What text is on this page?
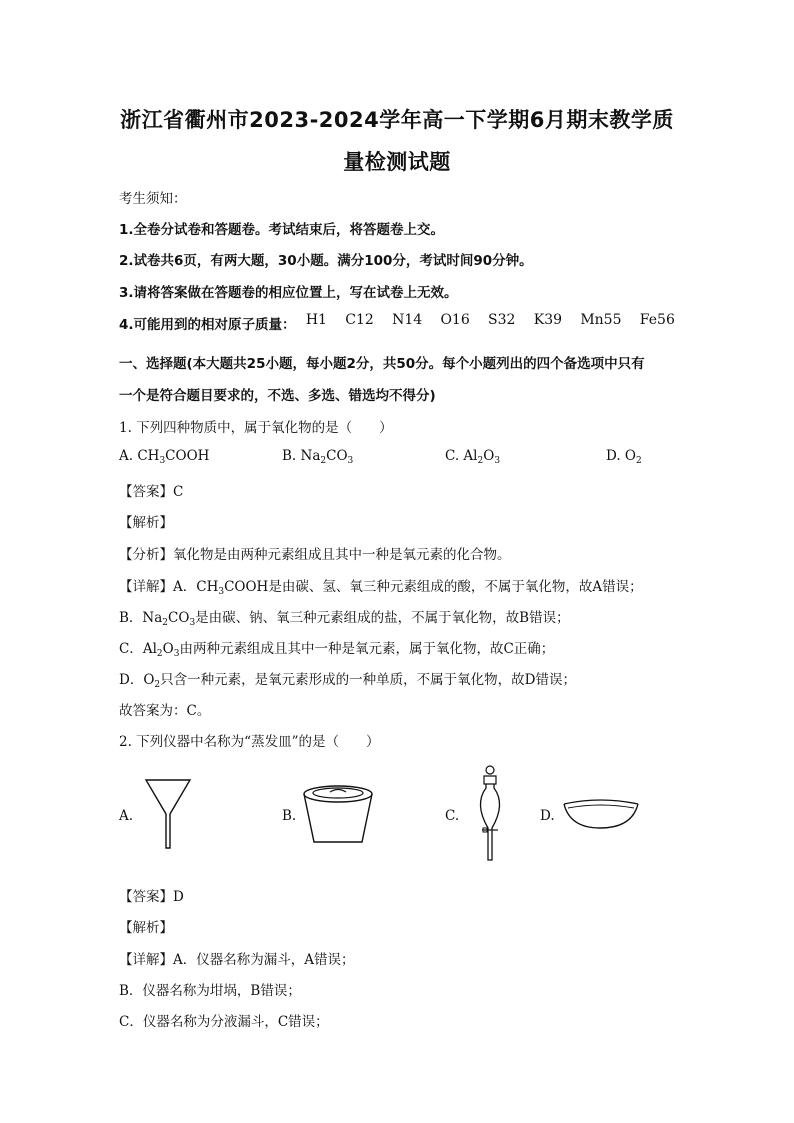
浙江省衢州市2023-2024学年高一下学期6月期末教学质
量检测试题
考生须知：
1.全卷分试卷和答题卷。考试结束后，将答题卷上交。
2.试卷共6页，有两大题，30小题。满分100分，考试时间90分钟。
3.请将答案做在答题卷的相应位置上，写在试卷上无效。
4.可能用到的相对原子质量： H1 C12 N14 O16 S32 K39 Mn55 Fe56
一、选择题(本大题共25小题，每小题2分，共50分。每个小题列出的四个备选项中只有
一个是符合题目要求的，不选、多选、错选均不得分)
1. 下列四种物质中，属于氧化物的是（　　）
A. $CH_3COOH$	B. $Na_2CO_3$	C. $Al_2O_3$	D. $O_2$
【答案】C
【解析】
【分析】氧化物是由两种元素组成且其中一种是氧元素的化合物。
【详解】A．$CH_3COOH$是由碳、氢、氧三种元素组成的酸，不属于氧化物，故A错误；
B．$Na_2CO_3$是由碳、钠、氧三种元素组成的盐，不属于氧化物，故B错误；
C．$Al_2O_3$由两种元素组成且其中一种是氧元素，属于氧化物，故C正确；
D．$O_2$只含一种元素，是氧元素形成的一种单质，不属于氧化物，故D错误；
故答案为：C。
2. 下列仪器中名称为“蒸发皿”的是（　　）
A.	B.	C.	D.
【答案】D
【解析】
【详解】A．仪器名称为漏斗，A错误；
B．仪器名称为坩埚，B错误；
C．仪器名称为分液漏斗，C错误；
